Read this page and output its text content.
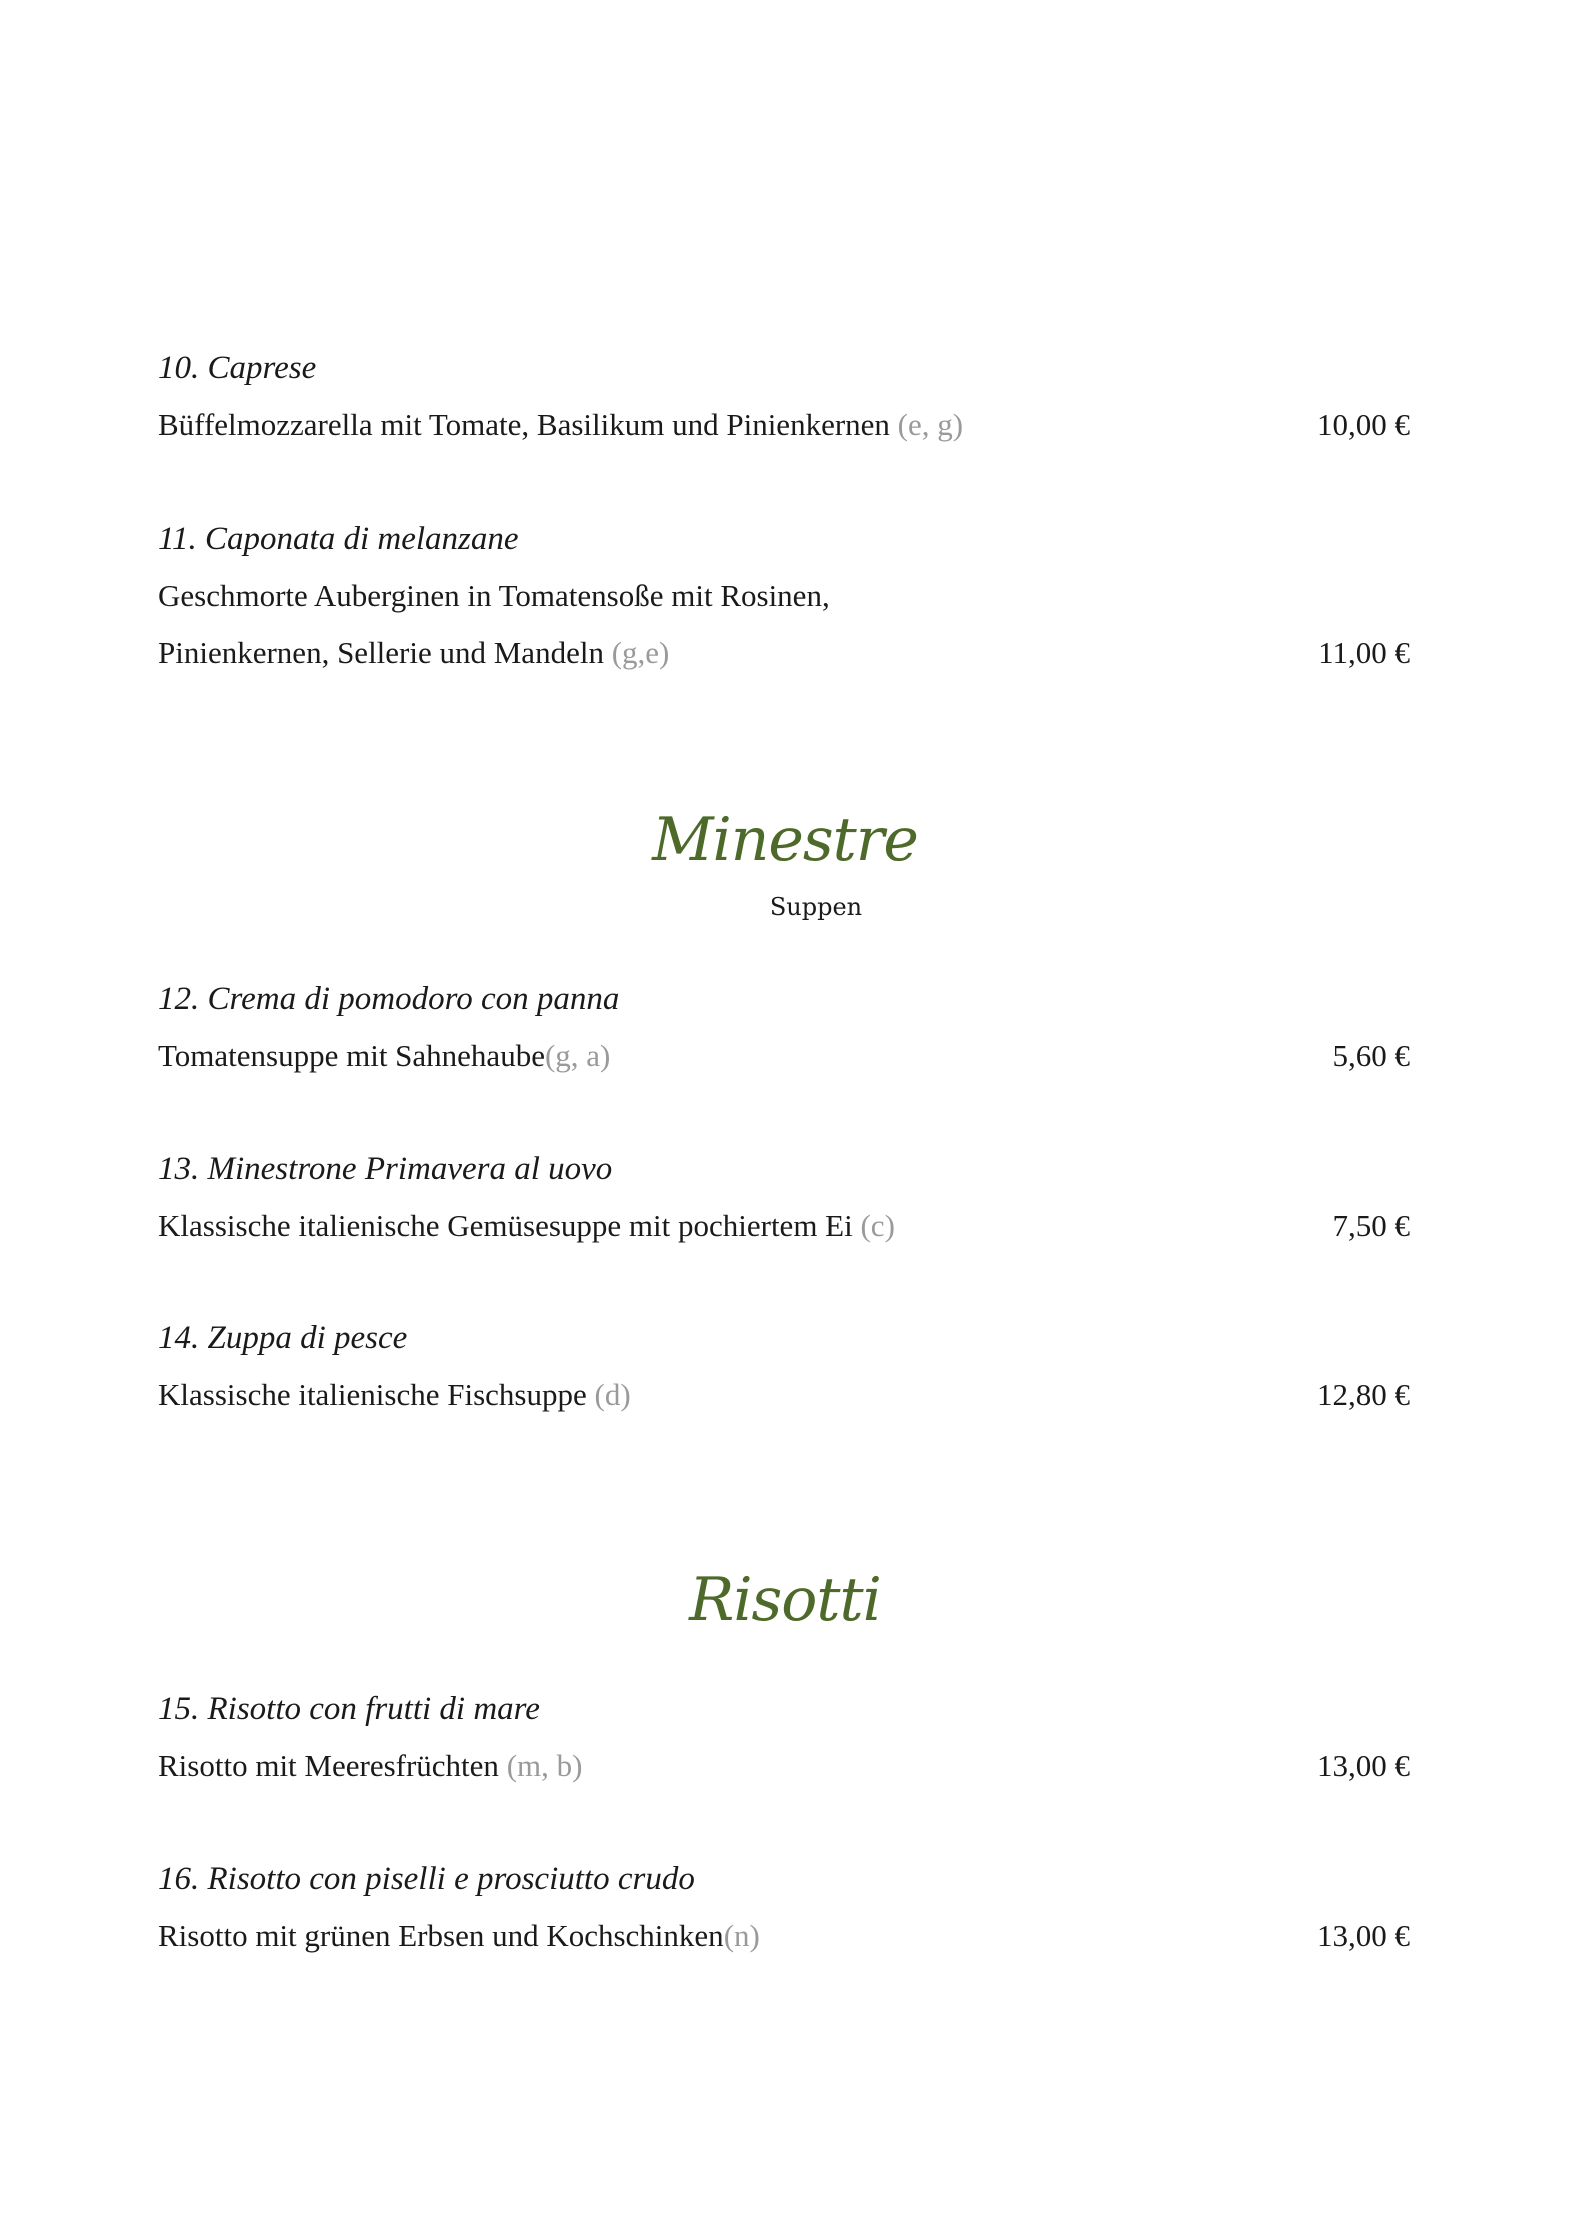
10. Caprese
Büffelmozzarella mit Tomate, Basilikum und Pinienkernen (e, g)	10,00 €
11. Caponata di melanzane
Geschmorte Auberginen in Tomatensoße mit Rosinen,
Pinienkernen, Sellerie und Mandeln (g,e)	11,00 €
Minestre
Suppen
12. Crema di pomodoro con panna
Tomatensuppe mit Sahnehaube(g, a)	5,60 €
13. Minestrone Primavera al uovo
Klassische italienische Gemüsesuppe mit pochiertem Ei (c)	7,50 €
14. Zuppa di pesce
Klassische italienische Fischsuppe (d)	12,80 €
Risotti
15. Risotto con frutti di mare
Risotto mit Meeresfrüchten (m, b)	13,00 €
16. Risotto con piselli e prosciutto crudo
Risotto mit grünen Erbsen und Kochschinken(n)	13,00 €
